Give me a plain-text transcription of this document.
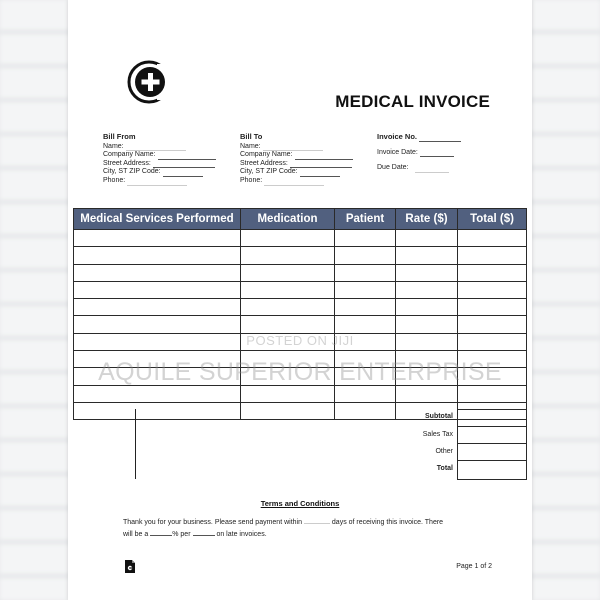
MEDICAL INVOICE
Bill From
Name:
Company Name:
Street Address:
City, ST ZIP Code:
Phone:
Bill To
Name:
Company Name:
Street Address:
City, ST ZIP Code:
Phone:
Invoice No.
Invoice Date:
Due Date:
Medical Services Performed	Medication	Patient	Rate ($)	Total ($)

POSTED ON JIJI
AQUILE SUPERIOR ENTERPRISE
Subtotal
Sales Tax
Other
Total
Terms and Conditions
Thank you for your business. Please send payment within	days of receiving this invoice. There
will be a	% per	on late invoices.
Page 1 of 2
